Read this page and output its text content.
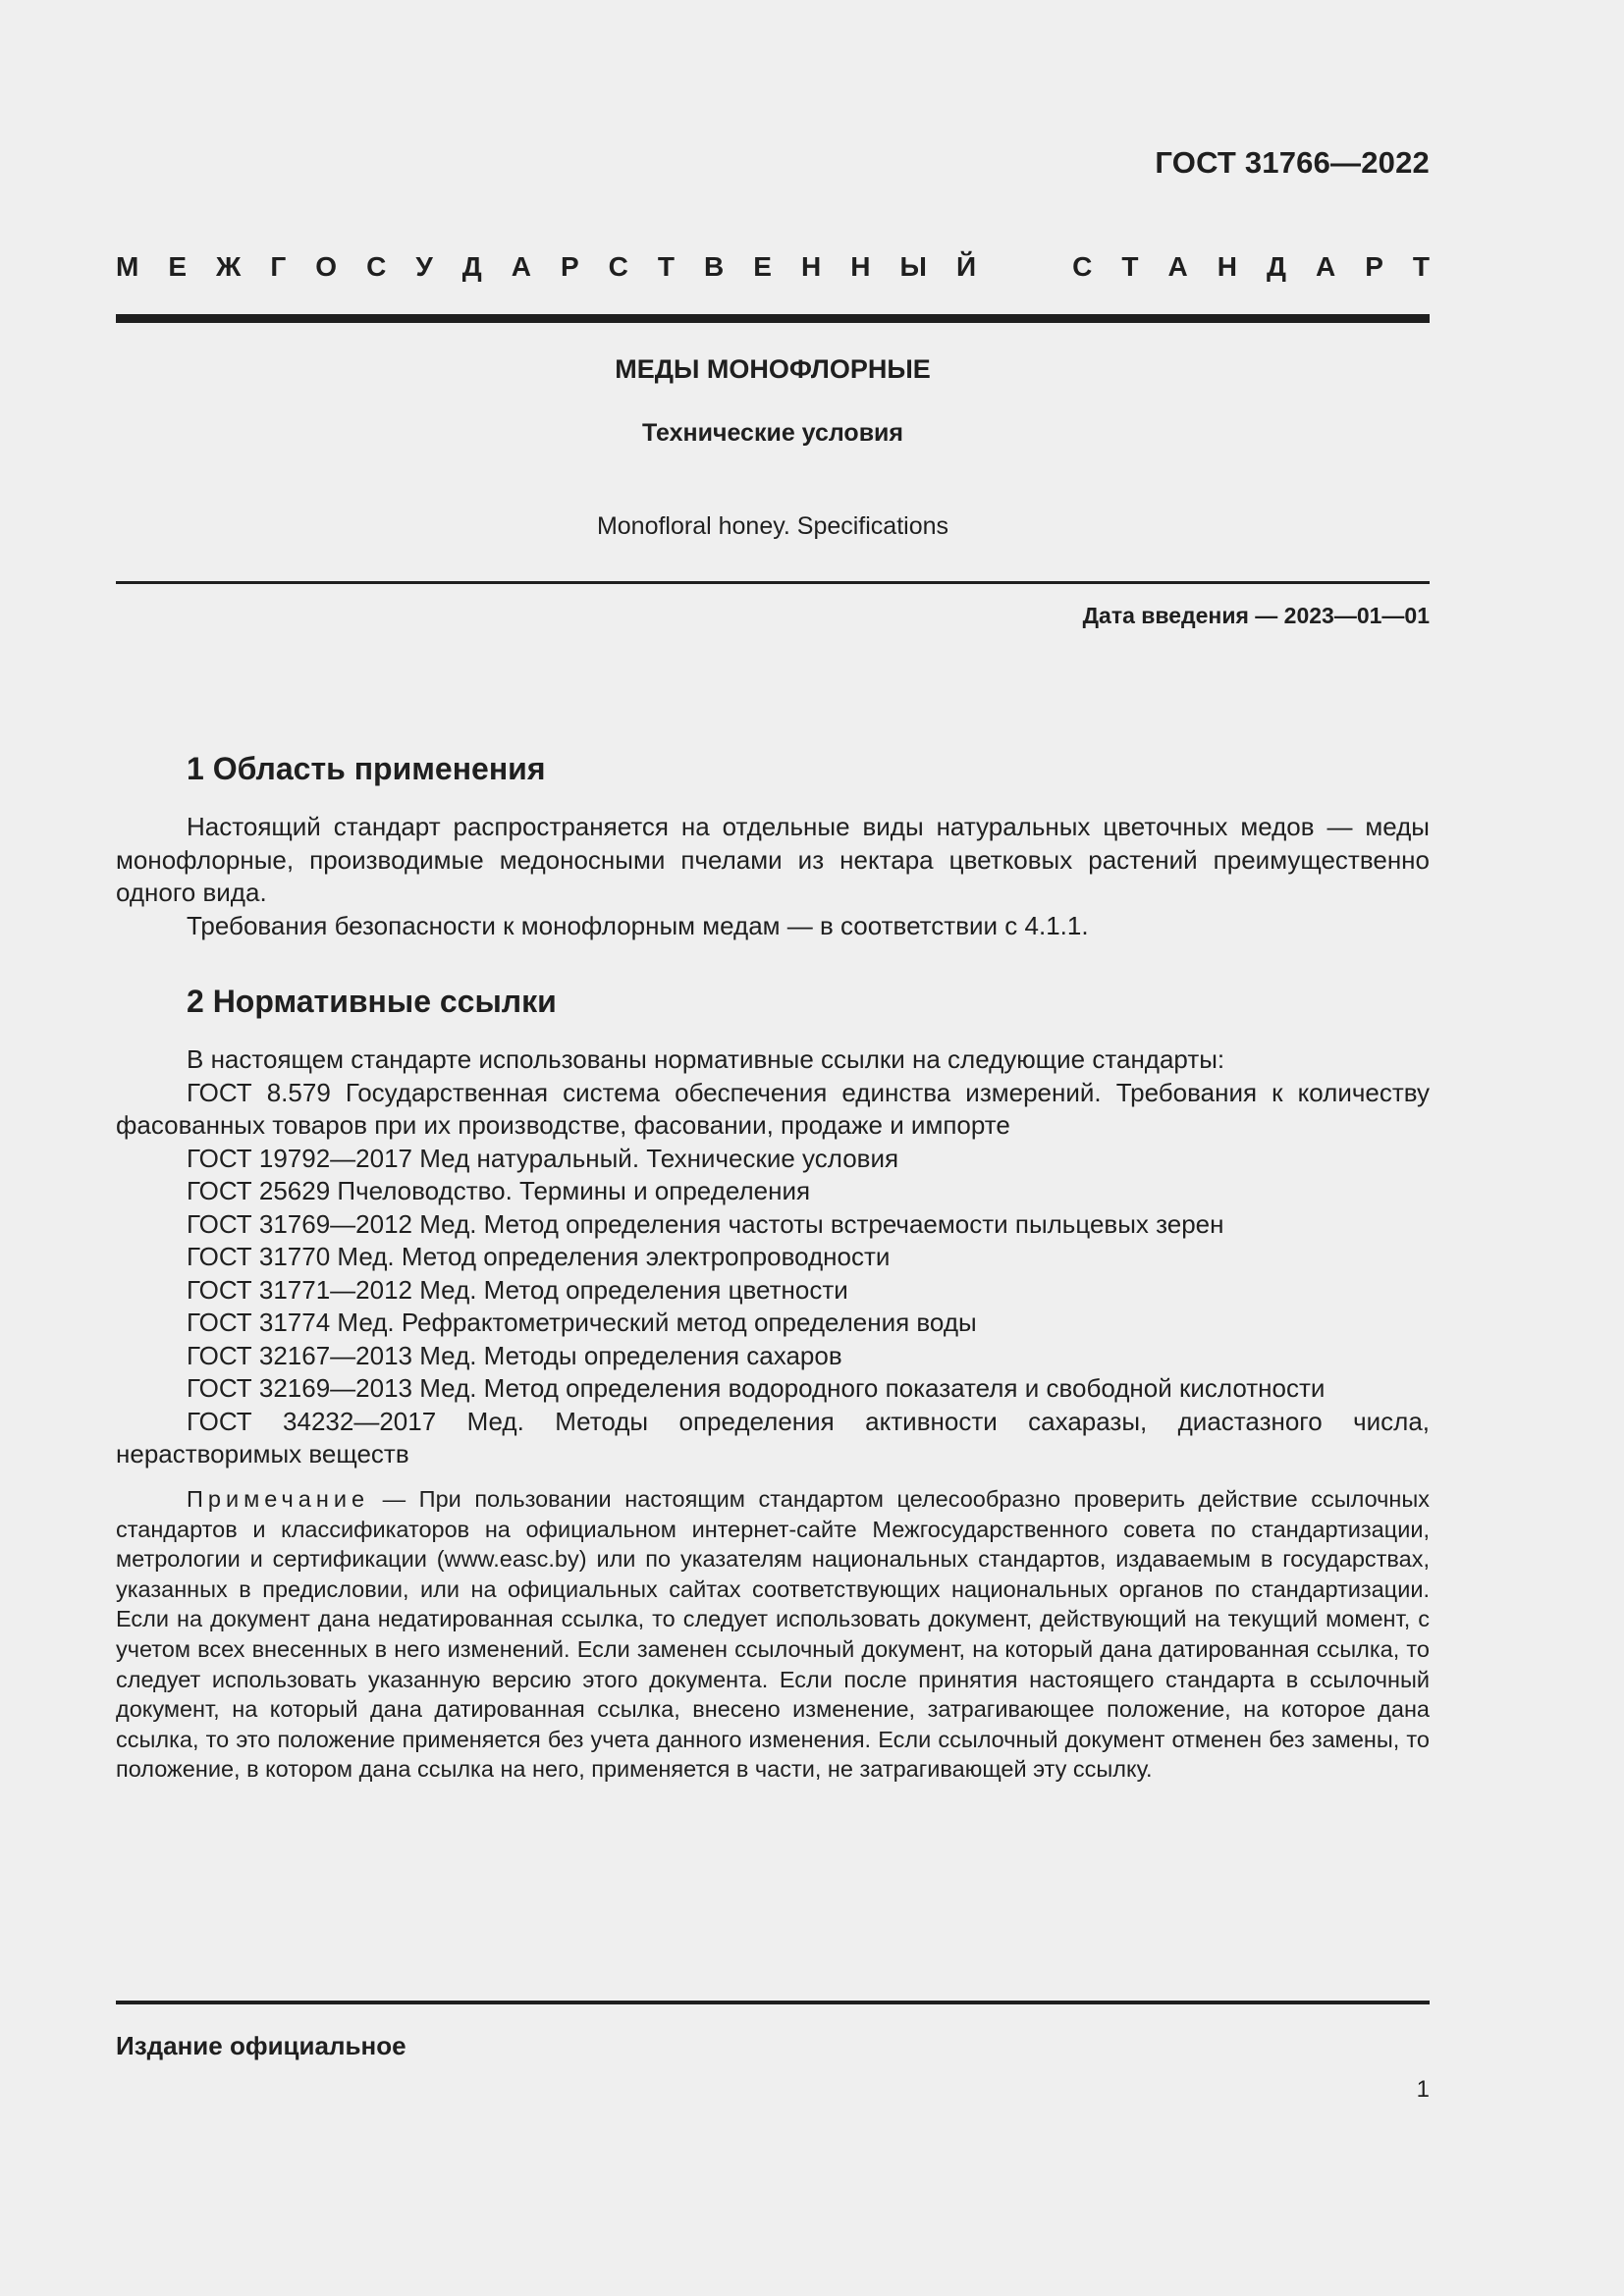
ГОСТ 31766—2022
М Е Ж Г О С У Д А Р С Т В Е Н Н Ы Й	С Т А Н Д А Р Т
МЕДЫ МОНОФЛОРНЫЕ
Технические условия
Monofloral honey. Specifications
Дата введения — 2023—01—01
1 Область применения

Настоящий стандарт распространяется на отдельные виды натуральных цветочных медов — меды монофлорные, производимые медоносными пчелами из нектара цветковых растений преимущественно одного вида.

Требования безопасности к монофлорным медам — в соответствии с 4.1.1.

2 Нормативные ссылки

В настоящем стандарте использованы нормативные ссылки на следующие стандарты:

ГОСТ 8.579 Государственная система обеспечения единства измерений. Требования к количеству фасованных товаров при их производстве, фасовании, продаже и импорте

ГОСТ 19792—2017 Мед натуральный. Технические условия

ГОСТ 25629 Пчеловодство. Термины и определения

ГОСТ 31769—2012 Мед. Метод определения частоты встречаемости пыльцевых зерен

ГОСТ 31770 Мед. Метод определения электропроводности

ГОСТ 31771—2012 Мед. Метод определения цветности

ГОСТ 31774 Мед. Рефрактометрический метод определения воды

ГОСТ 32167—2013 Мед. Методы определения сахаров

ГОСТ 32169—2013 Мед. Метод определения водородного показателя и свободной кислотности

ГОСТ 34232—2017 Мед. Методы определения активности сахаразы, диастазного числа, нерастворимых веществ

Примечание — При пользовании настоящим стандартом целесообразно проверить действие ссылочных стандартов и классификаторов на официальном интернет-сайте Межгосударственного совета по стандартизации, метрологии и сертификации (www.easc.by) или по указателям национальных стандартов, издаваемым в государствах, указанных в предисловии, или на официальных сайтах соответствующих национальных органов по стандартизации. Если на документ дана недатированная ссылка, то следует использовать документ, действующий на текущий момент, с учетом всех внесенных в него изменений. Если заменен ссылочный документ, на который дана датированная ссылка, то следует использовать указанную версию этого документа. Если после принятия настоящего стандарта в ссылочный документ, на который дана датированная ссылка, внесено изменение, затрагивающее положение, на которое дана ссылка, то это положение применяется без учета данного изменения. Если ссылочный документ отменен без замены, то положение, в котором дана ссылка на него, применяется в части, не затрагивающей эту ссылку.

Издание официальное
1
